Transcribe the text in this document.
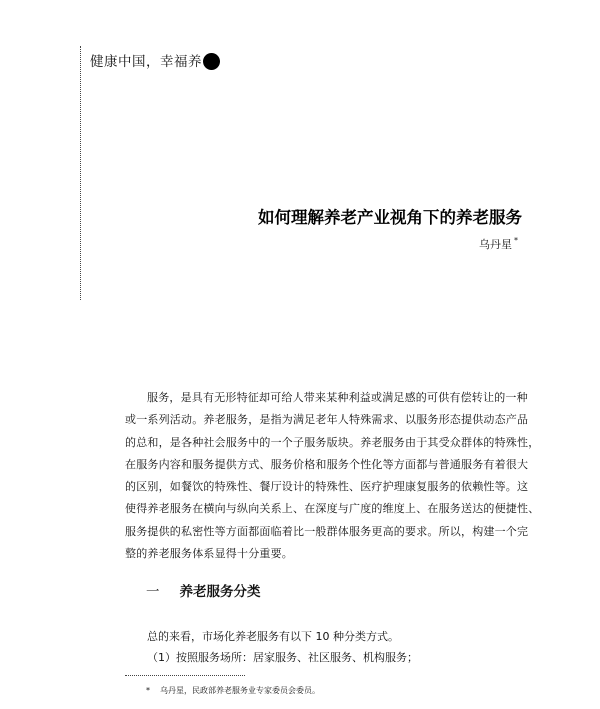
健康中国，幸福养
如何理解养老产业视角下的养老服务
乌丹星 *
服务，是具有无形特征却可给人带来某种利益或满足感的可供有偿转让的一种
或一系列活动。养老服务，是指为满足老年人特殊需求、以服务形态提供动态产品
的总和，是各种社会服务中的一个子服务版块。养老服务由于其受众群体的特殊性，
在服务内容和服务提供方式、服务价格和服务个性化等方面都与普通服务有着很大
的区别，如餐饮的特殊性、餐厅设计的特殊性、医疗护理康复服务的依赖性等。这
使得养老服务在横向与纵向关系上、在深度与广度的维度上、在服务送达的便捷性、
服务提供的私密性等方面都面临着比一般群体服务更高的要求。所以，构建一个完
整的养老服务体系显得十分重要。
一 养老服务分类
总的来看，市场化养老服务有以下 10 种分类方式。
（1）按照服务场所：居家服务、社区服务、机构服务；
* 乌丹星，民政部养老服务业专家委员会委员。
